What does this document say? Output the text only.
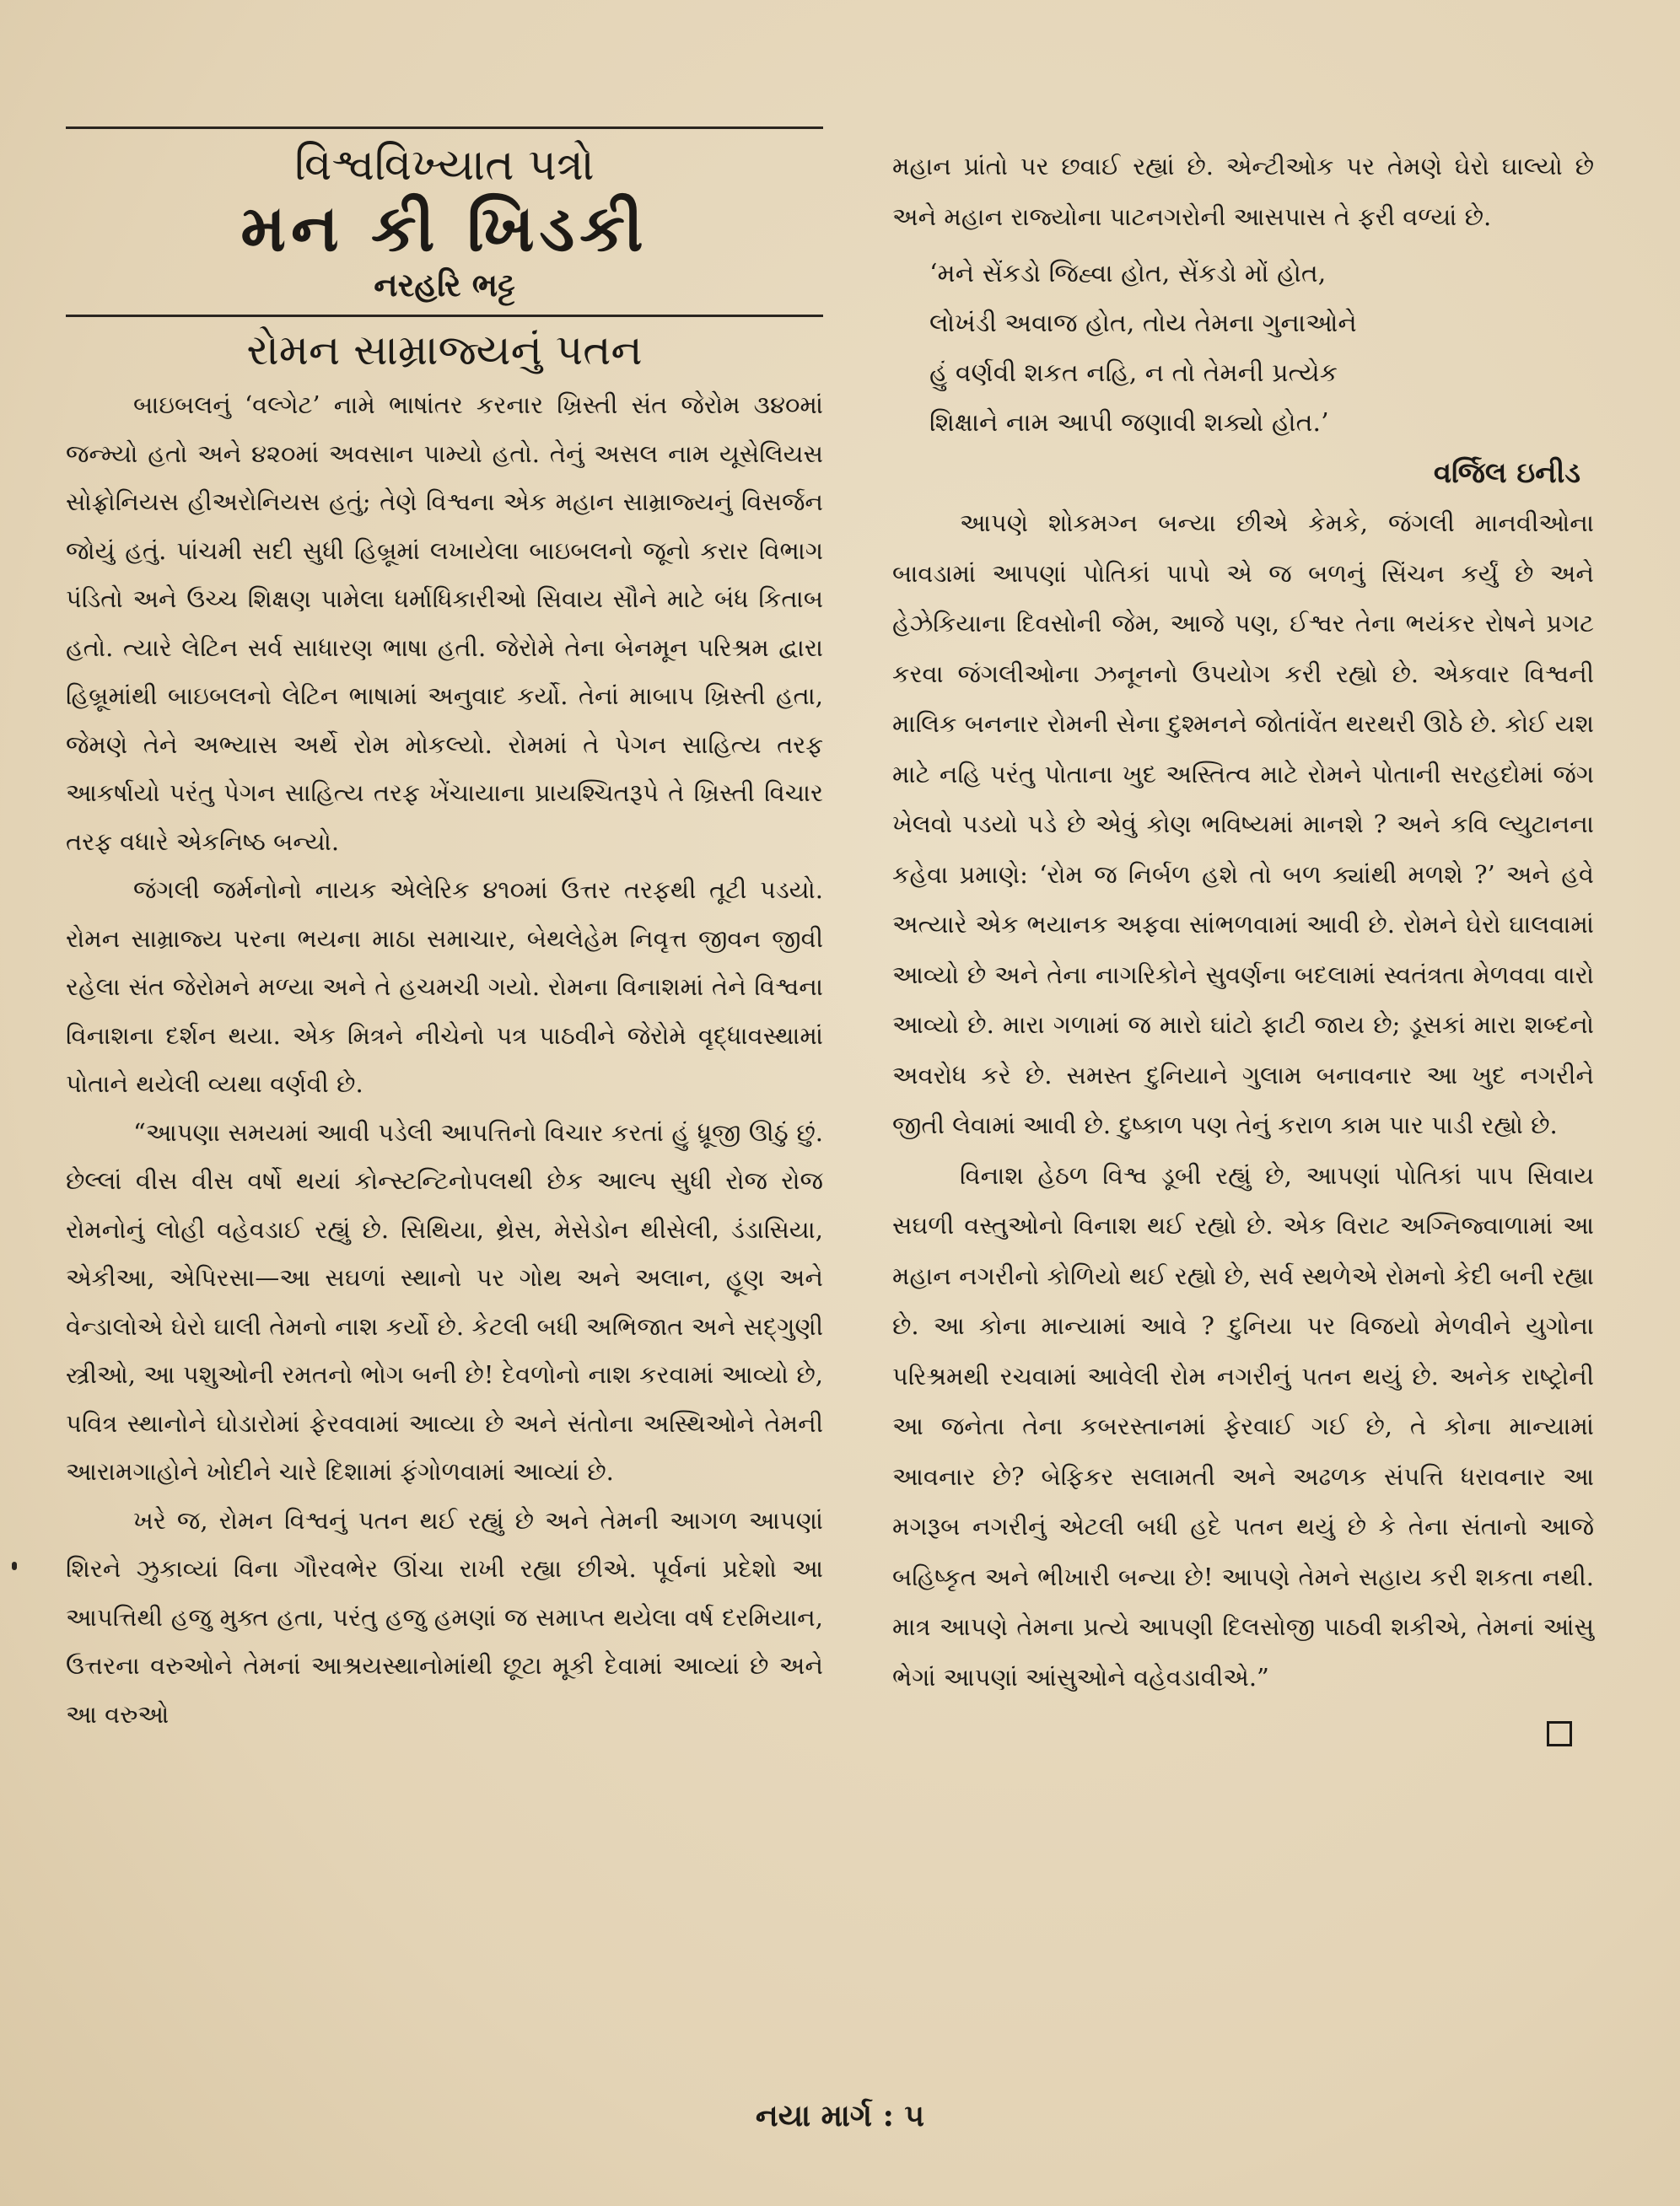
વિશ્વવિખ્યાત પત્રો
મન કી ખિડકી
નરહરિ ભટ્ટ
રોમન સામ્રાજ્યનું પતન

બાઇબલનું ‘વલ્ગેટ’ નામે ભાષાંતર કરનાર ખ્રિસ્તી સંત જેરોમ ૩૪૦માં જન્મ્યો હતો અને ૪૨૦માં અવસાન પામ્યો હતો. તેનું અસલ નામ યૂસેલિયસ સોફ્રોનિયસ હીઅરોનિયસ હતું; તેણે વિશ્વના એક મહાન સામ્રાજ્યનું વિસર્જન જોયું હતું. પાંચમી સદી સુધી હિબ્રૂમાં લખાયેલા બાઇબલનો જૂનો કરાર વિભાગ પંડિતો અને ઉચ્ચ શિક્ષણ પામેલા ધર્માધિકારીઓ સિવાય સૌને માટે બંધ કિતાબ હતો. ત્યારે લેટિન સર્વ સાધારણ ભાષા હતી. જેરોમે તેના બેનમૂન પરિશ્રમ દ્વારા હિબ્રૂમાંથી બાઇબલનો લેટિન ભાષામાં અનુવાદ કર્યો. તેનાં માબાપ ખ્રિસ્તી હતા, જેમણે તેને અભ્યાસ અર્થે રોમ મોકલ્યો. રોમમાં તે પેગન સાહિત્ય તરફ આકર્ષાયો પરંતુ પેગન સાહિત્ય તરફ ખેંચાયાના પ્રાયશ્ચિતરૂપે તે ખ્રિસ્તી વિચાર તરફ વધારે એકનિષ્ઠ બન્યો.

જંગલી જર્મનોનો નાયક એલેરિક ૪૧૦માં ઉત્તર તરફથી તૂટી પડયો. રોમન સામ્રાજ્ય પરના ભયના માઠા સમાચાર, બેથલેહેમ નિવૃત્ત જીવન જીવી રહેલા સંત જેરોમને મળ્યા અને તે હચમચી ગયો. રોમના વિનાશમાં તેને વિશ્વના વિનાશના દર્શન થયા. એક મિત્રને નીચેનો પત્ર પાઠવીને જેરોમે વૃદ્ધાવસ્થામાં પોતાને થયેલી વ્યથા વર્ણવી છે.

“આપણા સમયમાં આવી પડેલી આપત્તિનો વિચાર કરતાં હું ધ્રૂજી ઊઠું છું. છેલ્લાં વીસ વીસ વર્ષો થયાં કોન્સ્ટન્ટિનોપલથી છેક આલ્પ સુધી રોજ રોજ રોમનોનું લોહી વહેવડાઈ રહ્યું છે. સિથિયા, થ્રેસ, મેસેડોન થીસેલી, ડંડાસિયા, એકીઆ, એપિરસા—આ સઘળાં સ્થાનો પર ગોથ અને અલાન, હૂણ અને વેન્ડાલોએ ઘેરો ઘાલી તેમનો નાશ કર્યો છે. કેટલી બધી અભિજાત અને સદ્ગુણી સ્ત્રીઓ, આ પશુઓની રમતનો ભોગ બની છે! દેવળોનો નાશ કરવામાં આવ્યો છે, પવિત્ર સ્થાનોને ઘોડારોમાં ફેરવવામાં આવ્યા છે અને સંતોના અસ્થિઓને તેમની આરામગાહોને ખોદીને ચારે દિશામાં ફંગોળવામાં આવ્યાં છે.

ખરે જ, રોમન વિશ્વનું પતન થઈ રહ્યું છે અને તેમની આગળ આપણાં શિરને ઝુકાવ્યાં વિના ગૌરવભેર ઊંચા રાખી રહ્યા છીએ. પૂર્વનાં પ્રદેશો આ આપત્તિથી હજુ મુક્ત હતા, પરંતુ હજુ હમણાં જ સમાપ્ત થયેલા વર્ષ દરમિયાન, ઉત્તરના વરુઓને તેમનાં આશ્રયસ્થાનોમાંથી છૂટા મૂકી દેવામાં આવ્યાં છે અને આ વરુઓ

મહાન પ્રાંતો પર છવાઈ રહ્યાં છે. એન્ટીઓક પર તેમણે ઘેરો ઘાલ્યો છે અને મહાન રાજ્યોના પાટનગરોની આસપાસ તે ફરી વળ્યાં છે.

‘મને સેંકડો જિહ્વા હોત, સેંકડો મોં હોત,
લોખંડી અવાજ હોત, તોય તેમના ગુનાઓને
હું વર્ણવી શકત નહિ, ન તો તેમની પ્રત્યેક
શિક્ષાને નામ આપી જણાવી શક્યો હોત.’
વર્જિલ ઇનીડ

આપણે શોકમગ્ન બન્યા છીએ કેમકે, જંગલી માનવીઓના બાવડામાં આપણાં પોતિકાં પાપો એ જ બળનું સિંચન કર્યું છે અને હેઝેકિયાના દિવસોની જેમ, આજે પણ, ઈશ્વર તેના ભયંકર રોષને પ્રગટ કરવા જંગલીઓના ઝનૂનનો ઉપયોગ કરી રહ્યો છે. એકવાર વિશ્વની માલિક બનનાર રોમની સેના દુશ્મનને જોતાંવેંત થરથરી ઊઠે છે. કોઈ યશ માટે નહિ પરંતુ પોતાના ખુદ અસ્તિત્વ માટે રોમને પોતાની સરહદોમાં જંગ ખેલવો પડયો પડે છે એવું કોણ ભવિષ્યમાં માનશે ? અને કવિ લ્યુટાનના કહેવા પ્રમાણે: ‘રોમ જ નિર્બળ હશે તો બળ ક્યાંથી મળશે ?’ અને હવે અત્યારે એક ભયાનક અફવા સાંભળવામાં આવી છે. રોમને ઘેરો ઘાલવામાં આવ્યો છે અને તેના નાગરિકોને સુવર્ણના બદલામાં સ્વતંત્રતા મેળવવા વારો આવ્યો છે. મારા ગળામાં જ મારો ઘાંટો ફાટી જાય છે; ડૂસકાં મારા શબ્દનો અવરોધ કરે છે. સમસ્ત દુનિયાને ગુલામ બનાવનાર આ ખુદ નગરીને જીતી લેવામાં આવી છે. દુષ્કાળ પણ તેનું કરાળ કામ પાર પાડી રહ્યો છે.

વિનાશ હેઠળ વિશ્વ ડૂબી રહ્યું છે, આપણાં પોતિકાં પાપ સિવાય સઘળી વસ્તુઓનો વિનાશ થઈ રહ્યો છે. એક વિરાટ અગ્નિજ્વાળામાં આ મહાન નગરીનો કોળિયો થઈ રહ્યો છે, સર્વ સ્થળેએ રોમનો કેદી બની રહ્યા છે. આ કોના માન્યામાં આવે ? દુનિયા પર વિજયો મેળવીને યુગોના પરિશ્રમથી રચવામાં આવેલી રોમ નગરીનું પતન થયું છે. અનેક રાષ્ટ્રોની આ જનેતા તેના કબરસ્તાનમાં ફેરવાઈ ગઈ છે, તે કોના માન્યામાં આવનાર છે? બેફિકર સલામતી અને અઢળક સંપત્તિ ધરાવનાર આ મગરૂબ નગરીનું એટલી બધી હદે પતન થયું છે કે તેના સંતાનો આજે બહિષ્કૃત અને ભીખારી બન્યા છે! આપણે તેમને સહાય કરી શકતા નથી. માત્ર આપણે તેમના પ્રત્યે આપણી દિલસોજી પાઠવી શકીએ, તેમનાં આંસુ ભેગાં આપણાં આંસુઓને વહેવડાવીએ.”

નયા માર્ગ : ૫
